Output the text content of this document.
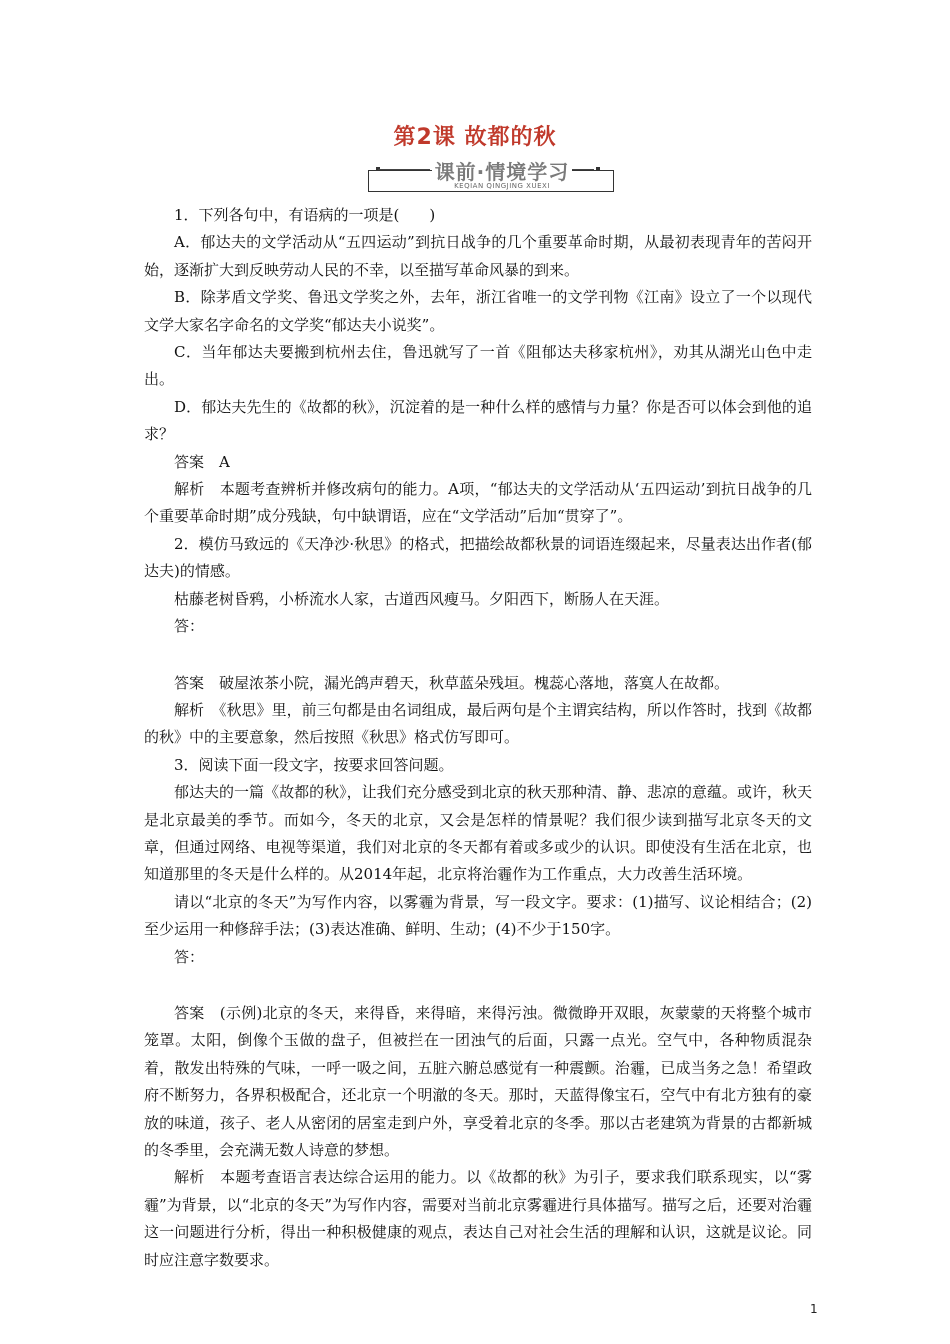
第2课 故都的秋
课前·情境学习
KEQIAN QINGJING XUEXI

1．下列各句中，有语病的一项是(　　)

A．郁达夫的文学活动从“五四运动”到抗日战争的几个重要革命时期，从最初表现青年的苦闷开始，逐渐扩大到反映劳动人民的不幸，以至描写革命风暴的到来。

B．除茅盾文学奖、鲁迅文学奖之外，去年，浙江省唯一的文学刊物《江南》设立了一个以现代文学大家名字命名的文学奖“郁达夫小说奖”。

C．当年郁达夫要搬到杭州去住，鲁迅就写了一首《阻郁达夫移家杭州》，劝其从湖光山色中走出。

D．郁达夫先生的《故都的秋》，沉淀着的是一种什么样的感情与力量？你是否可以体会到他的追求？

答案　A

解析　本题考查辨析并修改病句的能力。A项，“郁达夫的文学活动从‘五四运动’到抗日战争的几个重要革命时期”成分残缺，句中缺谓语，应在“文学活动”后加“贯穿了”。

2．模仿马致远的《天净沙·秋思》的格式，把描绘故都秋景的词语连缀起来，尽量表达出作者(郁达夫)的情感。

枯藤老树昏鸦，小桥流水人家，古道西风瘦马。夕阳西下，断肠人在天涯。

答：

答案　破屋浓茶小院，漏光鸽声碧天，秋草蓝朵残垣。槐蕊心落地，落寞人在故都。

解析　《秋思》里，前三句都是由名词组成，最后两句是个主谓宾结构，所以作答时，找到《故都的秋》中的主要意象，然后按照《秋思》格式仿写即可。

3．阅读下面一段文字，按要求回答问题。

郁达夫的一篇《故都的秋》，让我们充分感受到北京的秋天那种清、静、悲凉的意蕴。或许，秋天是北京最美的季节。而如今，冬天的北京，又会是怎样的情景呢？我们很少读到描写北京冬天的文章，但通过网络、电视等渠道，我们对北京的冬天都有着或多或少的认识。即使没有生活在北京，也知道那里的冬天是什么样的。从2014年起，北京将治霾作为工作重点，大力改善生活环境。

请以“北京的冬天”为写作内容，以雾霾为背景，写一段文字。要求：(1)描写、议论相结合；(2)至少运用一种修辞手法；(3)表达准确、鲜明、生动；(4)不少于150字。

答：

答案　(示例)北京的冬天，来得昏，来得暗，来得污浊。微微睁开双眼，灰蒙蒙的天将整个城市笼罩。太阳，倒像个玉做的盘子，但被拦在一团浊气的后面，只露一点光。空气中，各种物质混杂着，散发出特殊的气味，一呼一吸之间，五脏六腑总感觉有一种震颤。治霾，已成当务之急！希望政府不断努力，各界积极配合，还北京一个明澈的冬天。那时，天蓝得像宝石，空气中有北方独有的豪放的味道，孩子、老人从密闭的居室走到户外，享受着北京的冬季。那以古老建筑为背景的古都新城的冬季里，会充满无数人诗意的梦想。

解析　本题考查语言表达综合运用的能力。以《故都的秋》为引子，要求我们联系现实，以“雾霾”为背景，以“北京的冬天”为写作内容，需要对当前北京雾霾进行具体描写。描写之后，还要对治霾这一问题进行分析，得出一种积极健康的观点，表达自己对社会生活的理解和认识，这就是议论。同时应注意字数要求。

1
